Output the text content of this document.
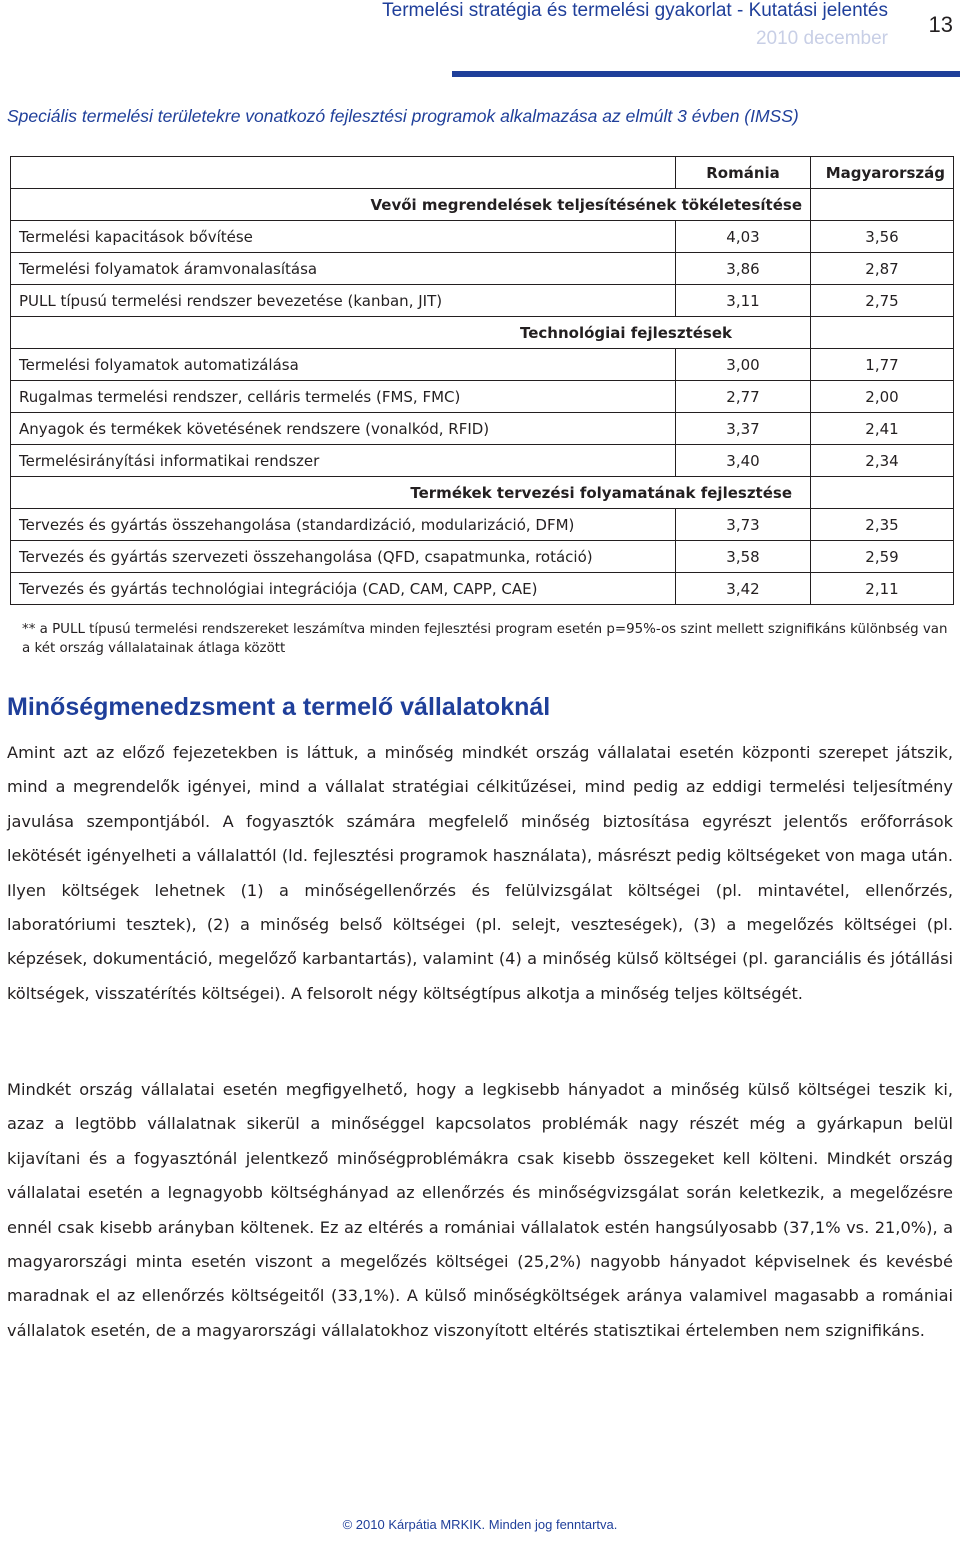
Termelési stratégia és termelési gyakorlat - Kutatási jelentés
2010 december
13
Speciális termelési területekre vonatkozó fejlesztési programok alkalmazása az elmúlt 3 évben (IMSS)
	Románia	Magyarország
Vevői megrendelések teljesítésének tökéletesítése		
Termelési kapacitások bővítése	4,03	3,56
Termelési folyamatok áramvonalasítása	3,86	2,87
PULL típusú termelési rendszer bevezetése (kanban, JIT)	3,11	2,75
Technológiai fejlesztések		
Termelési folyamatok automatizálása	3,00	1,77
Rugalmas termelési rendszer, celláris termelés (FMS, FMC)	2,77	2,00
Anyagok és termékek követésének rendszere (vonalkód, RFID)	3,37	2,41
Termelésirányítási informatikai rendszer	3,40	2,34
Termékek tervezési folyamatának fejlesztése		
Tervezés és gyártás összehangolása (standardizáció, modularizáció, DFM)	3,73	2,35
Tervezés és gyártás szervezeti összehangolása (QFD, csapatmunka, rotáció)	3,58	2,59
Tervezés és gyártás technológiai integrációja (CAD, CAM, CAPP, CAE)	3,42	2,11
** a PULL típusú termelési rendszereket leszámítva minden fejlesztési program esetén p=95%-os szint mellett szignifikáns különbség van a két ország vállalatainak átlaga között
Minőségmenedzsment a termelő vállalatoknál

Amint azt az előző fejezetekben is láttuk, a minőség mindkét ország vállalatai esetén központi szerepet játszik, mind a megrendelők igényei, mind a vállalat stratégiai célkitűzései, mind pedig az eddigi termelési teljesítmény javulása szempontjából. A fogyasztók számára megfelelő minőség biztosítása egyrészt jelentős erőforrások lekötését igényelheti a vállalattól (ld. fejlesztési programok használata), másrészt pedig költségeket von maga után. Ilyen költségek lehetnek (1) a minőségellenőrzés és felülvizsgálat költségei (pl. mintavétel, ellenőrzés, laboratóriumi tesztek), (2) a minőség belső költségei (pl. selejt, veszteségek), (3) a megelőzés költségei (pl. képzések, dokumentáció, megelőző karbantartás), valamint (4) a minőség külső költségei (pl. garanciális és jótállási költségek, visszatérítés költségei). A felsorolt négy költségtípus alkotja a minőség teljes költségét.

Mindkét ország vállalatai esetén megfigyelhető, hogy a legkisebb hányadot a minőség külső költségei teszik ki, azaz a legtöbb vállalatnak sikerül a minőséggel kapcsolatos problémák nagy részét még a gyárkapun belül kijavítani és a fogyasztónál jelentkező minőségproblémákra csak kisebb összegeket kell költeni. Mindkét ország vállalatai esetén a legnagyobb költséghányad az ellenőrzés és minőségvizsgálat során keletkezik, a megelőzésre ennél csak kisebb arányban költenek. Ez az eltérés a romániai vállalatok estén hangsúlyosabb (37,1% vs. 21,0%), a magyarországi minta esetén viszont a megelőzés költségei (25,2%) nagyobb hányadot képviselnek és kevésbé maradnak el az ellenőrzés költségeitől (33,1%). A külső minőségköltségek aránya valamivel magasabb a romániai vállalatok esetén, de a magyarországi vállalatokhoz viszonyított eltérés statisztikai értelemben nem szignifikáns.

© 2010 Kárpátia MRKIK. Minden jog fenntartva.
